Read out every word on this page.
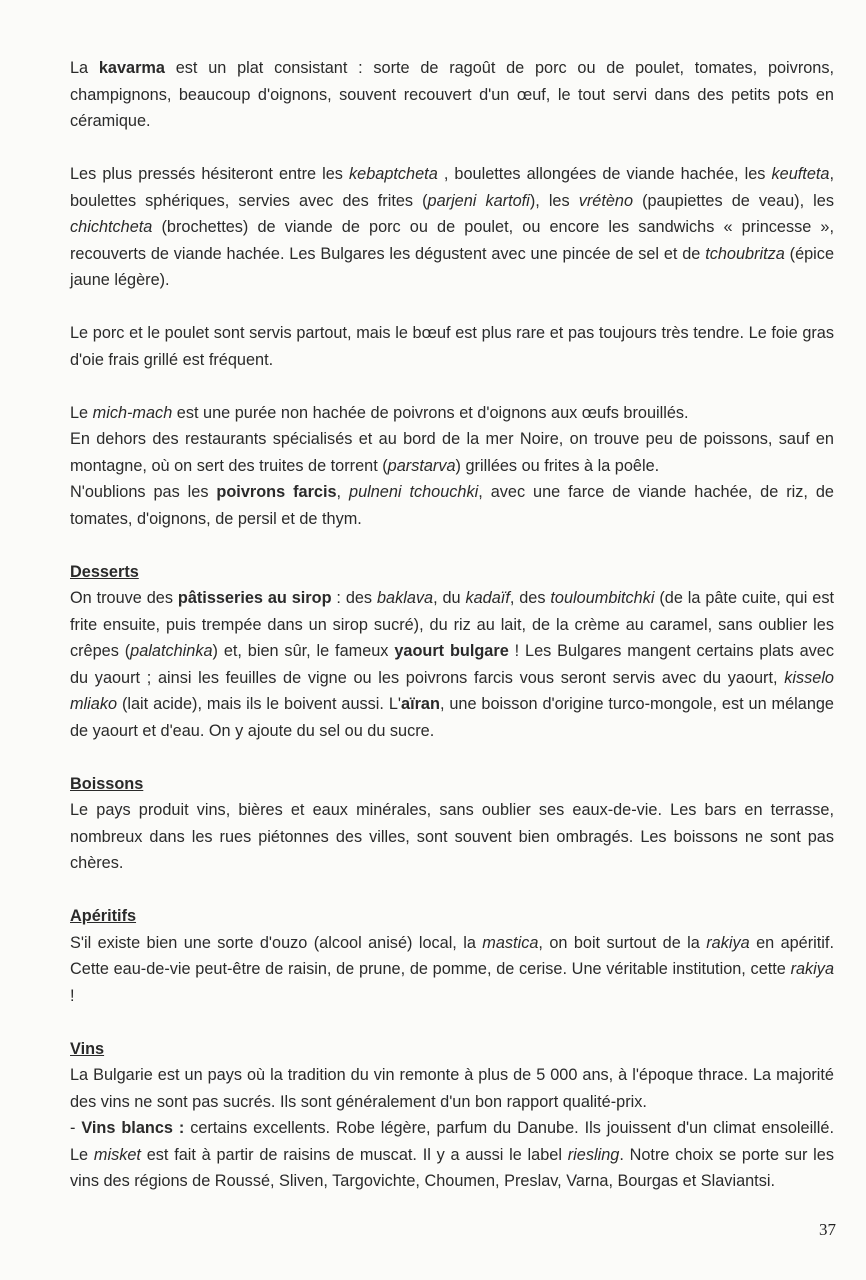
La kavarma est un plat consistant : sorte de ragoût de porc ou de poulet, tomates, poivrons, champignons, beaucoup d'oignons, souvent recouvert d'un œuf, le tout servi dans des petits pots en céramique.

Les plus pressés hésiteront entre les kebaptcheta , boulettes allongées de viande hachée, les keufteta, boulettes sphériques, servies avec des frites (parjeni kartofi), les vrétèno (paupiettes de veau), les chichtcheta (brochettes) de viande de porc ou de poulet, ou encore les sandwichs « princesse », recouverts de viande hachée. Les Bulgares les dégustent avec une pincée de sel et de tchoubritza (épice jaune légère).

Le porc et le poulet sont servis partout, mais le bœuf est plus rare et pas toujours très tendre. Le foie gras d'oie frais grillé est fréquent.

Le mich-mach est une purée non hachée de poivrons et d'oignons aux œufs brouillés.

En dehors des restaurants spécialisés et au bord de la mer Noire, on trouve peu de poissons, sauf en montagne, où on sert des truites de torrent (parstarva) grillées ou frites à la poêle.

N'oublions pas les poivrons farcis, pulneni tchouchki, avec une farce de viande hachée, de riz, de tomates, d'oignons, de persil et de thym.

Desserts

On trouve des pâtisseries au sirop : des baklava, du kadaïf, des touloumbitchki (de la pâte cuite, qui est frite ensuite, puis trempée dans un sirop sucré), du riz au lait, de la crème au caramel, sans oublier les crêpes (palatchinka) et, bien sûr, le fameux yaourt bulgare ! Les Bulgares mangent certains plats avec du yaourt ; ainsi les feuilles de vigne ou les poivrons farcis vous seront servis avec du yaourt, kisselo mliako (lait acide), mais ils le boivent aussi. L'aïran, une boisson d'origine turco-mongole, est un mélange de yaourt et d'eau. On y ajoute du sel ou du sucre.

Boissons

Le pays produit vins, bières et eaux minérales, sans oublier ses eaux-de-vie. Les bars en terrasse, nombreux dans les rues piétonnes des villes, sont souvent bien ombragés. Les boissons ne sont pas chères.

Apéritifs

S'il existe bien une sorte d'ouzo (alcool anisé) local, la mastica, on boit surtout de la rakiya en apéritif. Cette eau-de-vie peut-être de raisin, de prune, de pomme, de cerise. Une véritable institution, cette rakiya !

Vins

La Bulgarie est un pays où la tradition du vin remonte à plus de 5 000 ans, à l'époque thrace. La majorité des vins ne sont pas sucrés. Ils sont généralement d'un bon rapport qualité-prix.

- Vins blancs : certains excellents. Robe légère, parfum du Danube. Ils jouissent d'un climat ensoleillé. Le misket est fait à partir de raisins de muscat. Il y a aussi le label riesling. Notre choix se porte sur les vins des régions de Roussé, Sliven, Targovichte, Choumen, Preslav, Varna, Bourgas et Slaviantsi.

37
